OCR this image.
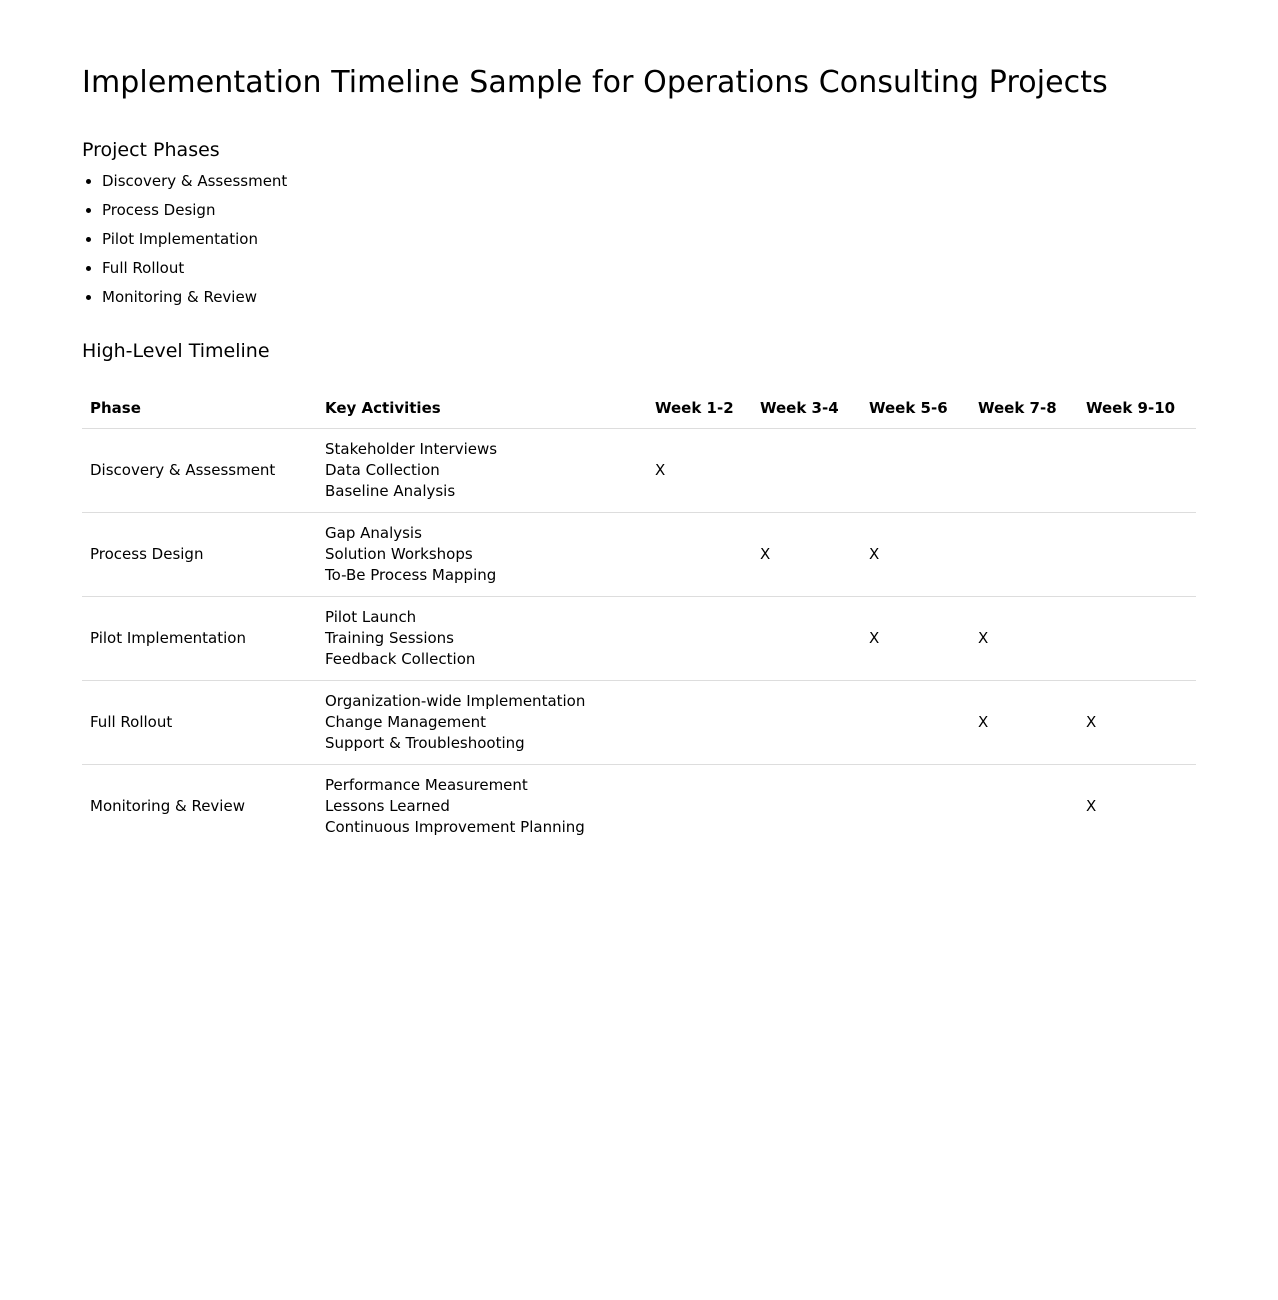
Implementation Timeline Sample for Operations Consulting Projects
Project Phases
• Discovery & Assessment
• Process Design
• Pilot Implementation
• Full Rollout
• Monitoring & Review
High-Level Timeline
Phase	Key Activities	Week 1-2	Week 3-4	Week 5-6	Week 7-8	Week 9-10
Discovery & Assessment	Stakeholder Interviews
Data Collection
Baseline Analysis	X				
Process Design	Gap Analysis
Solution Workshops
To-Be Process Mapping		X	X		
Pilot Implementation	Pilot Launch
Training Sessions
Feedback Collection			X	X	
Full Rollout	Organization-wide Implementation
Change Management
Support & Troubleshooting				X	X
Monitoring & Review	Performance Measurement
Lessons Learned
Continuous Improvement Planning					X
